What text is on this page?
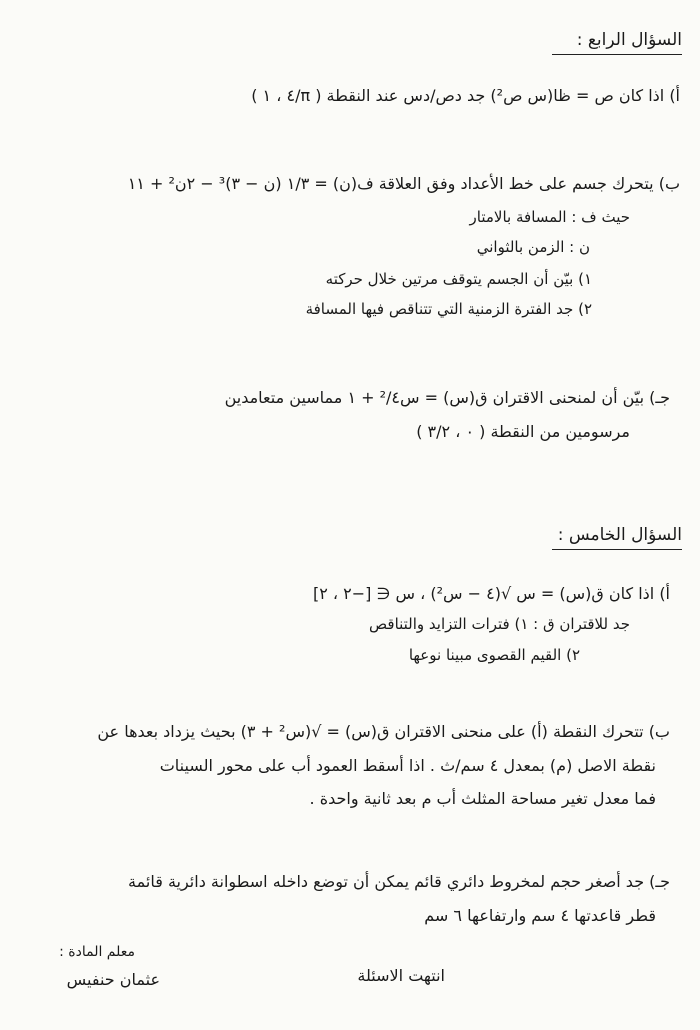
السؤال الرابع :
أ) اذا كان ص = ظا(س ص²) جد دص/دس عند النقطة ( π/٤ ، ١ )
ب) يتحرك جسم على خط الأعداد وفق العلاقة ف(ن) = ١/٣ (ن − ٣)³ − ٢ن² + ١١
حيث ف : المسافة بالامتار
ن : الزمن بالثواني
١) بيّن أن الجسم يتوقف مرتين خلال حركته
٢) جد الفترة الزمنية التي تتناقص فيها المسافة
جـ) بيّن أن لمنحنى الاقتران ق(س) = س²/٤ + ١ مماسين متعامدين
مرسومين من النقطة ( ٠ ، ٣/٢ )
السؤال الخامس :
أ) اذا كان ق(س) = س √(٤ − س²) ، س ∈ [−٢ ، ٢]
جد للاقتران ق : ١) فترات التزايد والتناقص
٢) القيم القصوى مبينا نوعها
ب) تتحرك النقطة (أ) على منحنى الاقتران ق(س) = √(س² + ٣) بحيث يزداد بعدها عن
نقطة الاصل (م) بمعدل ٤ سم/ث . اذا أسقط العمود أب على محور السينات
فما معدل تغير مساحة المثلث أب م بعد ثانية واحدة .
جـ) جد أصغر حجم لمخروط دائري قائم يمكن أن توضع داخله اسطوانة دائرية قائمة
قطر قاعدتها ٤ سم وارتفاعها ٦ سم
انتهت الاسئلة
معلم المادة :
عثمان حنفيس
